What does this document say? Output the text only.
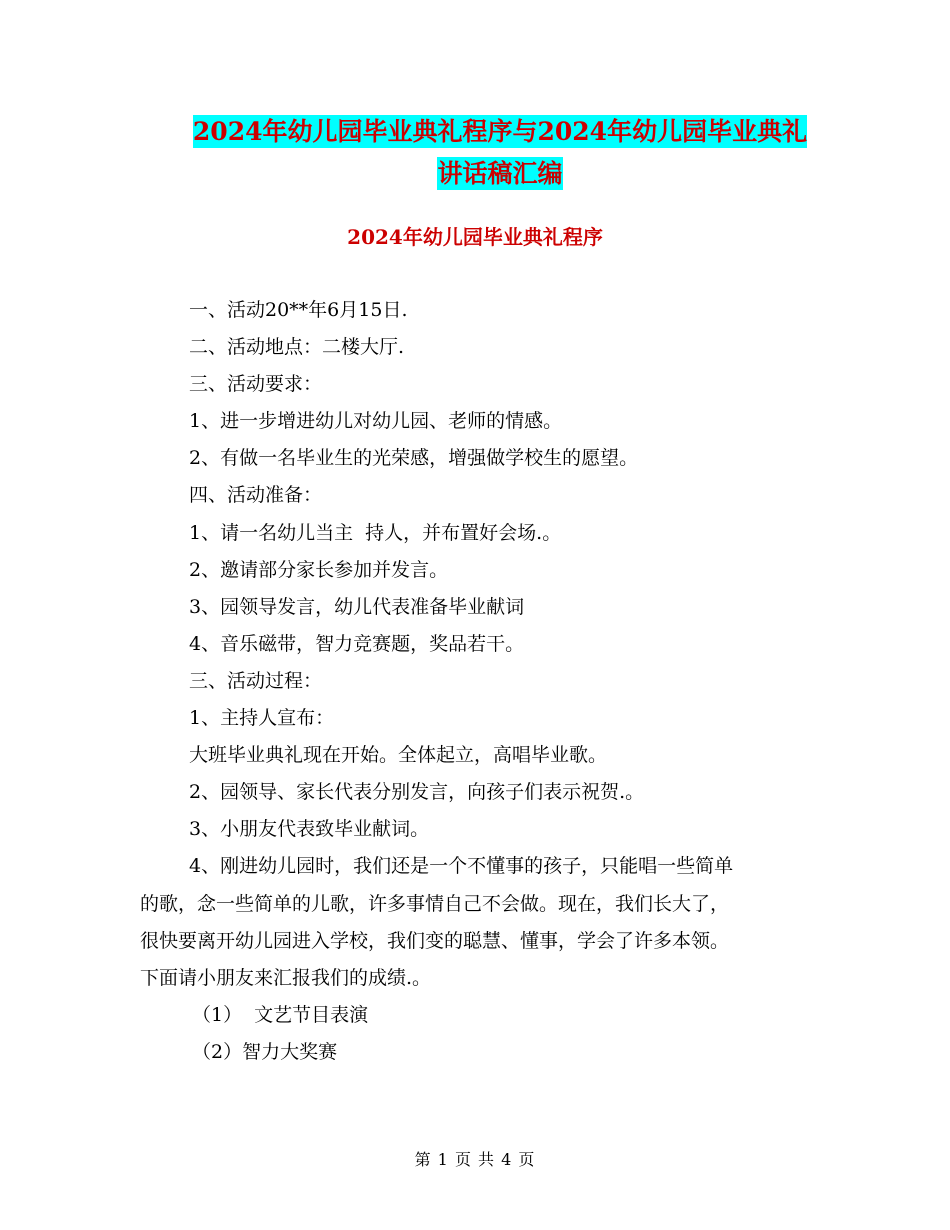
2024年幼儿园毕业典礼程序与2024年幼儿园毕业典礼
讲话稿汇编
2024年幼儿园毕业典礼程序
一、活动20**年6月15日.
二、活动地点：二楼大厅.
三、活动要求：
1、进一步增进幼儿对幼儿园、老师的情感。
2、有做一名毕业生的光荣感，增强做学校生的愿望。
四、活动准备：
1、请一名幼儿当主  持人，并布置好会场.。
2、邀请部分家长参加并发言。
3、园领导发言，幼儿代表准备毕业献词
4、音乐磁带，智力竞赛题，奖品若干。
三、活动过程：
1、主持人宣布：
大班毕业典礼现在开始。全体起立，高唱毕业歌。
2、园领导、家长代表分别发言，向孩子们表示祝贺.。
3、小朋友代表致毕业献词。
4、刚进幼儿园时，我们还是一个不懂事的孩子，只能唱一些简单
的歌，念一些简单的儿歌，许多事情自己不会做。现在，我们长大了，
很快要离开幼儿园进入学校，我们变的聪慧、懂事，学会了许多本领。
下面请小朋友来汇报我们的成绩.。
（1）  文艺节目表演
（2）智力大奖赛
第 1 页 共 4 页
